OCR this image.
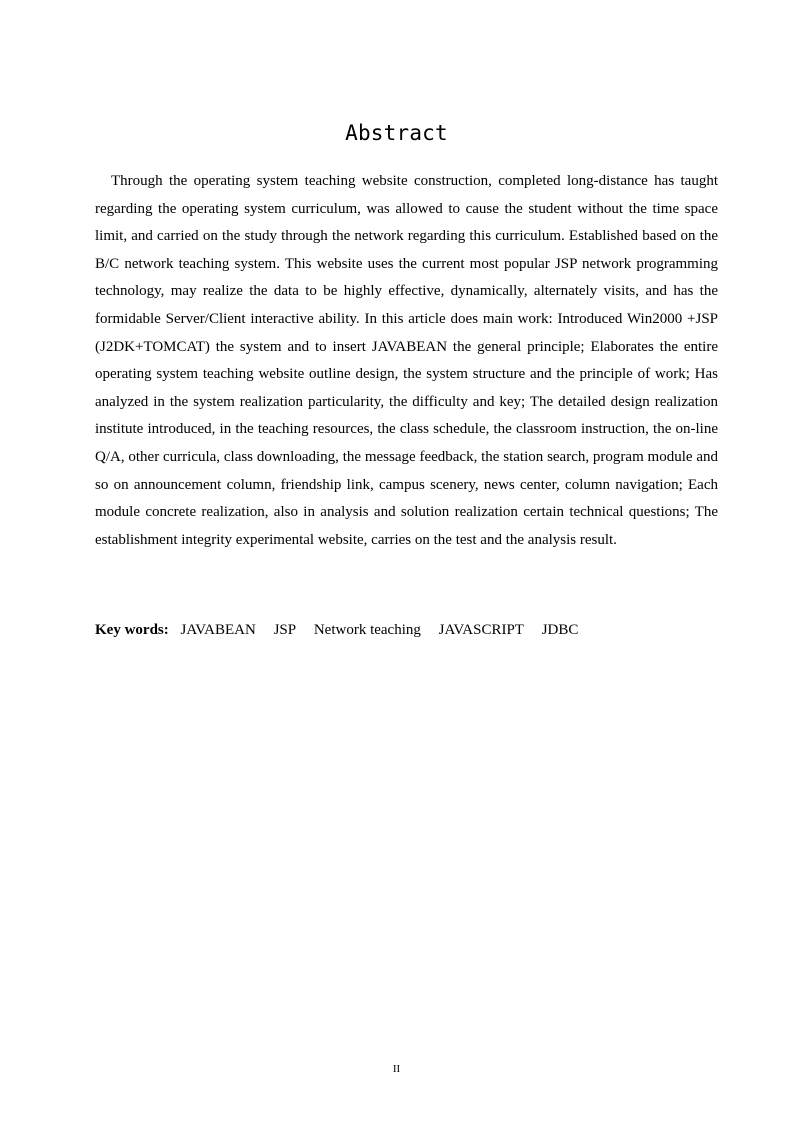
Abstract

Through the operating system teaching website construction, completed long-distance has taught regarding the operating system curriculum, was allowed to cause the student without the time space limit, and carried on the study through the network regarding this curriculum. Established based on the B/C network teaching system. This website uses the current most popular JSP network programming technology, may realize the data to be highly effective, dynamically, alternately visits, and has the formidable Server/Client interactive ability. In this article does main work: Introduced Win2000 +JSP (J2DK+TOMCAT) the system and to insert JAVABEAN the general principle; Elaborates the entire operating system teaching website outline design, the system structure and the principle of work; Has analyzed in the system realization particularity, the difficulty and key; The detailed design realization institute introduced, in the teaching resources, the class schedule, the classroom instruction, the on-line Q/A, other curricula, class downloading, the message feedback, the station search, program module and so on announcement column, friendship link, campus scenery, news center, column navigation; Each module concrete realization, also in analysis and solution realization certain technical questions; The establishment integrity experimental website, carries on the test and the analysis result.

Key words: JAVABEAN JSP Network teaching JAVASCRIPT JDBC
II
